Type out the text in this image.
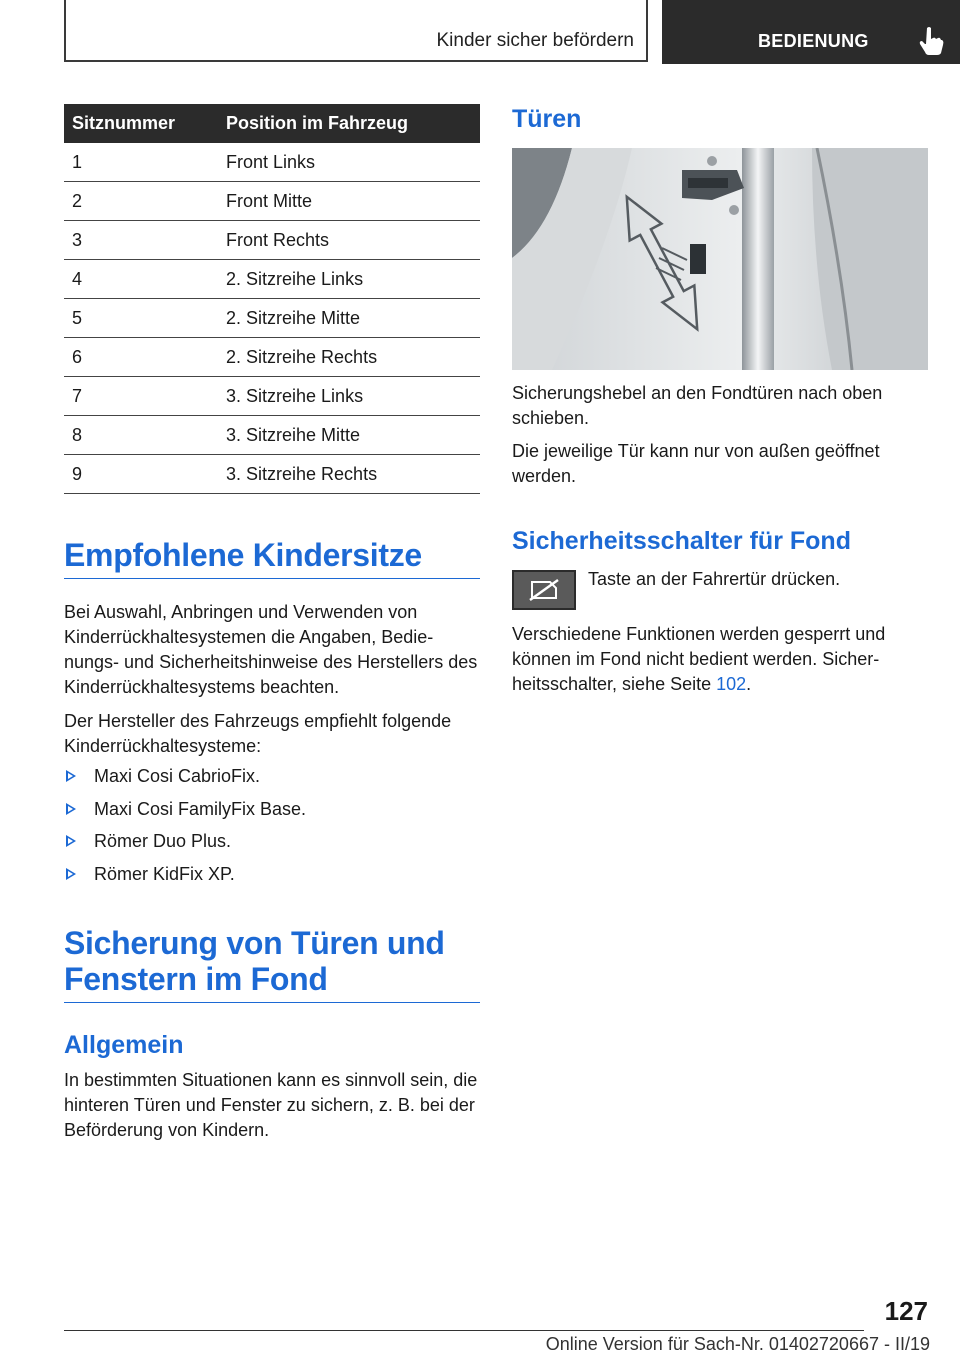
Kinder sicher befördern	BEDIENUNG
Sitznummer	Position im Fahrzeug
1	Front Links
2	Front Mitte
3	Front Rechts
4	2. Sitzreihe Links
5	2. Sitzreihe Mitte
6	2. Sitzreihe Rechts
7	3. Sitzreihe Links
8	3. Sitzreihe Mitte
9	3. Sitzreihe Rechts
Empfohlene Kindersitze

Bei Auswahl, Anbringen und Verwenden von Kinderrückhaltesystemen die Angaben, Bedie-nungs- und Sicherheitshinweise des Herstellers des Kinderrückhaltesystems beachten.

Der Hersteller des Fahrzeugs empfiehlt folgende Kinderrückhaltesysteme:

Maxi Cosi CabrioFix.
Maxi Cosi FamilyFix Base.
Römer Duo Plus.
Römer KidFix XP.
Sicherung von Türen und
Fenstern im Fond
Allgemein

In bestimmten Situationen kann es sinnvoll sein, die hinteren Türen und Fenster zu sichern, z. B. bei der Beförderung von Kindern.

Türen

Sicherungshebel an den Fondtüren nach oben schieben.

Die jeweilige Tür kann nur von außen geöffnet werden.

Sicherheitsschalter für Fond

Taste an der Fahrertür drücken.

Verschiedene Funktionen werden gesperrt und können im Fond nicht bedient werden. Sicher-heitsschalter, siehe Seite 102.

127
Online Version für Sach-Nr. 01402720667 - II/19
